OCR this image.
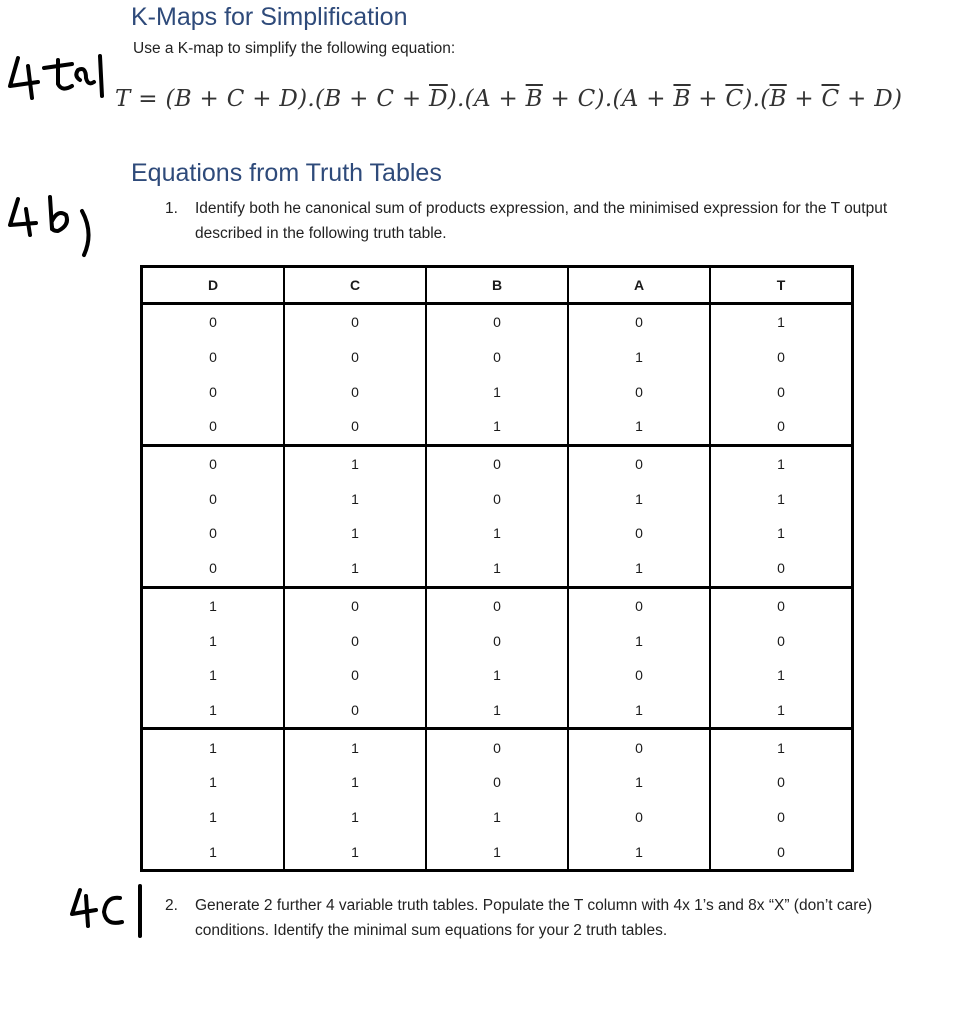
K-Maps for Simplification
Use a K-map to simplify the following equation:
$T = (B + C + D).(B + C + \overline{D}).(A + \overline{B} + C).(A + \overline{B} + \overline{C}).(\overline{B} + \overline{C} + D)$
Equations from Truth Tables
1. Identify both he canonical sum of products expression, and the minimised expression for the T output described in the following truth table.
D	C	B	A	T
0	0	0	0	1
0	0	0	1	0
0	0	1	0	0
0	0	1	1	0
0	1	0	0	1
0	1	0	1	1
0	1	1	0	1
0	1	1	1	0
1	0	0	0	0
1	0	0	1	0
1	0	1	0	1
1	0	1	1	1
1	1	0	0	1
1	1	0	1	0
1	1	1	0	0
1	1	1	1	0
2. Generate 2 further 4 variable truth tables. Populate the T column with 4x 1’s and 8x “X” (don’t care) conditions. Identify the minimal sum equations for your 2 truth tables.
